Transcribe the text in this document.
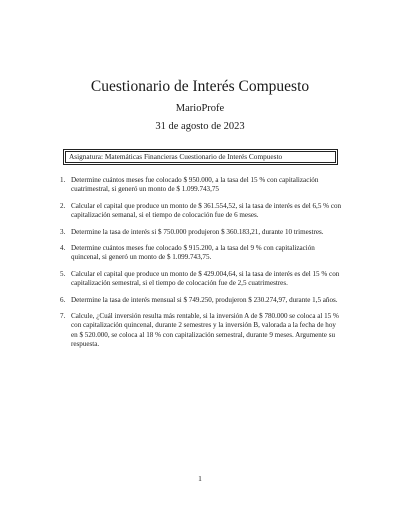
Cuestionario de Interés Compuesto
MarioProfe
31 de agosto de 2023
Asignatura: Matemáticas Financieras Cuestionario de Interés Compuesto
1. Determine cuántos meses fue colocado $ 950.000, a la tasa del 15 % con capitalización cuatrimestral, si generó un monto de $ 1.099.743,75
2. Calcular el capital que produce un monto de $ 361.554,52, si la tasa de interés es del 6,5 % con capitalización semanal, si el tiempo de colocación fue de 6 meses.
3. Determine la tasa de interés si $ 750.000 produjeron $ 360.183,21, durante 10 trimestres.
4. Determine cuántos meses fue colocado $ 915.200, a la tasa del 9 % con capitalización quincenal, si generó un monto de $ 1.099.743,75.
5. Calcular el capital que produce un monto de $ 429.004,64, si la tasa de interés es del 15 % con capitalización semestral, si el tiempo de colocación fue de 2,5 cuatrimestres.
6. Determine la tasa de interés mensual si $ 749.250, produjeron $ 230.274,97, durante 1,5 años.
7. Calcule, ¿Cuál inversión resulta más rentable, si la inversión A de $ 780.000 se coloca al 15 % con capitalización quincenal, durante 2 semestres y la inversión B, valorada a la fecha de hoy en $ 520.000, se coloca al 18 % con capitalización semestral, durante 9 meses. Argumente su respuesta.
1
